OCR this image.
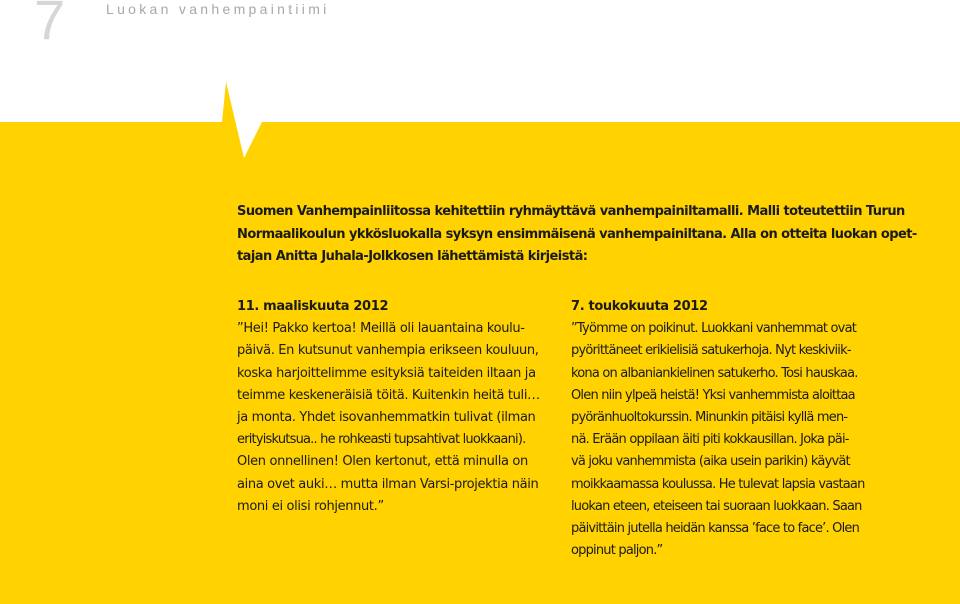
7	Luokan vanhempaintiimi
Suomen Vanhempainliitossa kehitettiin ryhmäyttävä vanhempainiltamalli. Malli toteutettiin Turun
Normaalikoulun ykkösluokalla syksyn ensimmäisenä vanhempainiltana. Alla on otteita luokan opet-
tajan Anitta Juhala-Jolkkosen lähettämistä kirjeistä:
11. maaliskuuta 2012
”Hei! Pakko kertoa! Meillä oli lauantaina koulu-
päivä. En kutsunut vanhempia erikseen kouluun,
koska harjoittelimme esityksiä taiteiden iltaan ja
teimme keskeneräisiä töitä. Kuitenkin heitä tuli…
ja monta. Yhdet isovanhemmatkin tulivat (ilman
erityiskutsua.. he rohkeasti tupsahtivat luokkaani).
Olen onnellinen! Olen kertonut, että minulla on
aina ovet auki… mutta ilman Varsi-projektia näin
moni ei olisi rohjennut.”
7. toukokuuta 2012
”Työmme on poikinut. Luokkani vanhemmat ovat
pyörittäneet erikielisiä satukerhoja. Nyt keskiviik-
kona on albaniankielinen satukerho. Tosi hauskaa.
Olen niin ylpeä heistä! Yksi vanhemmista aloittaa
pyöränhuoltokurssin. Minunkin pitäisi kyllä men-
nä. Erään oppilaan äiti piti kokkausillan. Joka päi-
vä joku vanhemmista (aika usein parikin) käyvät
moikkaamassa koulussa. He tulevat lapsia vastaan
luokan eteen, eteiseen tai suoraan luokkaan. Saan
päivittäin jutella heidän kanssa ’face to face’. Olen
oppinut paljon.”
